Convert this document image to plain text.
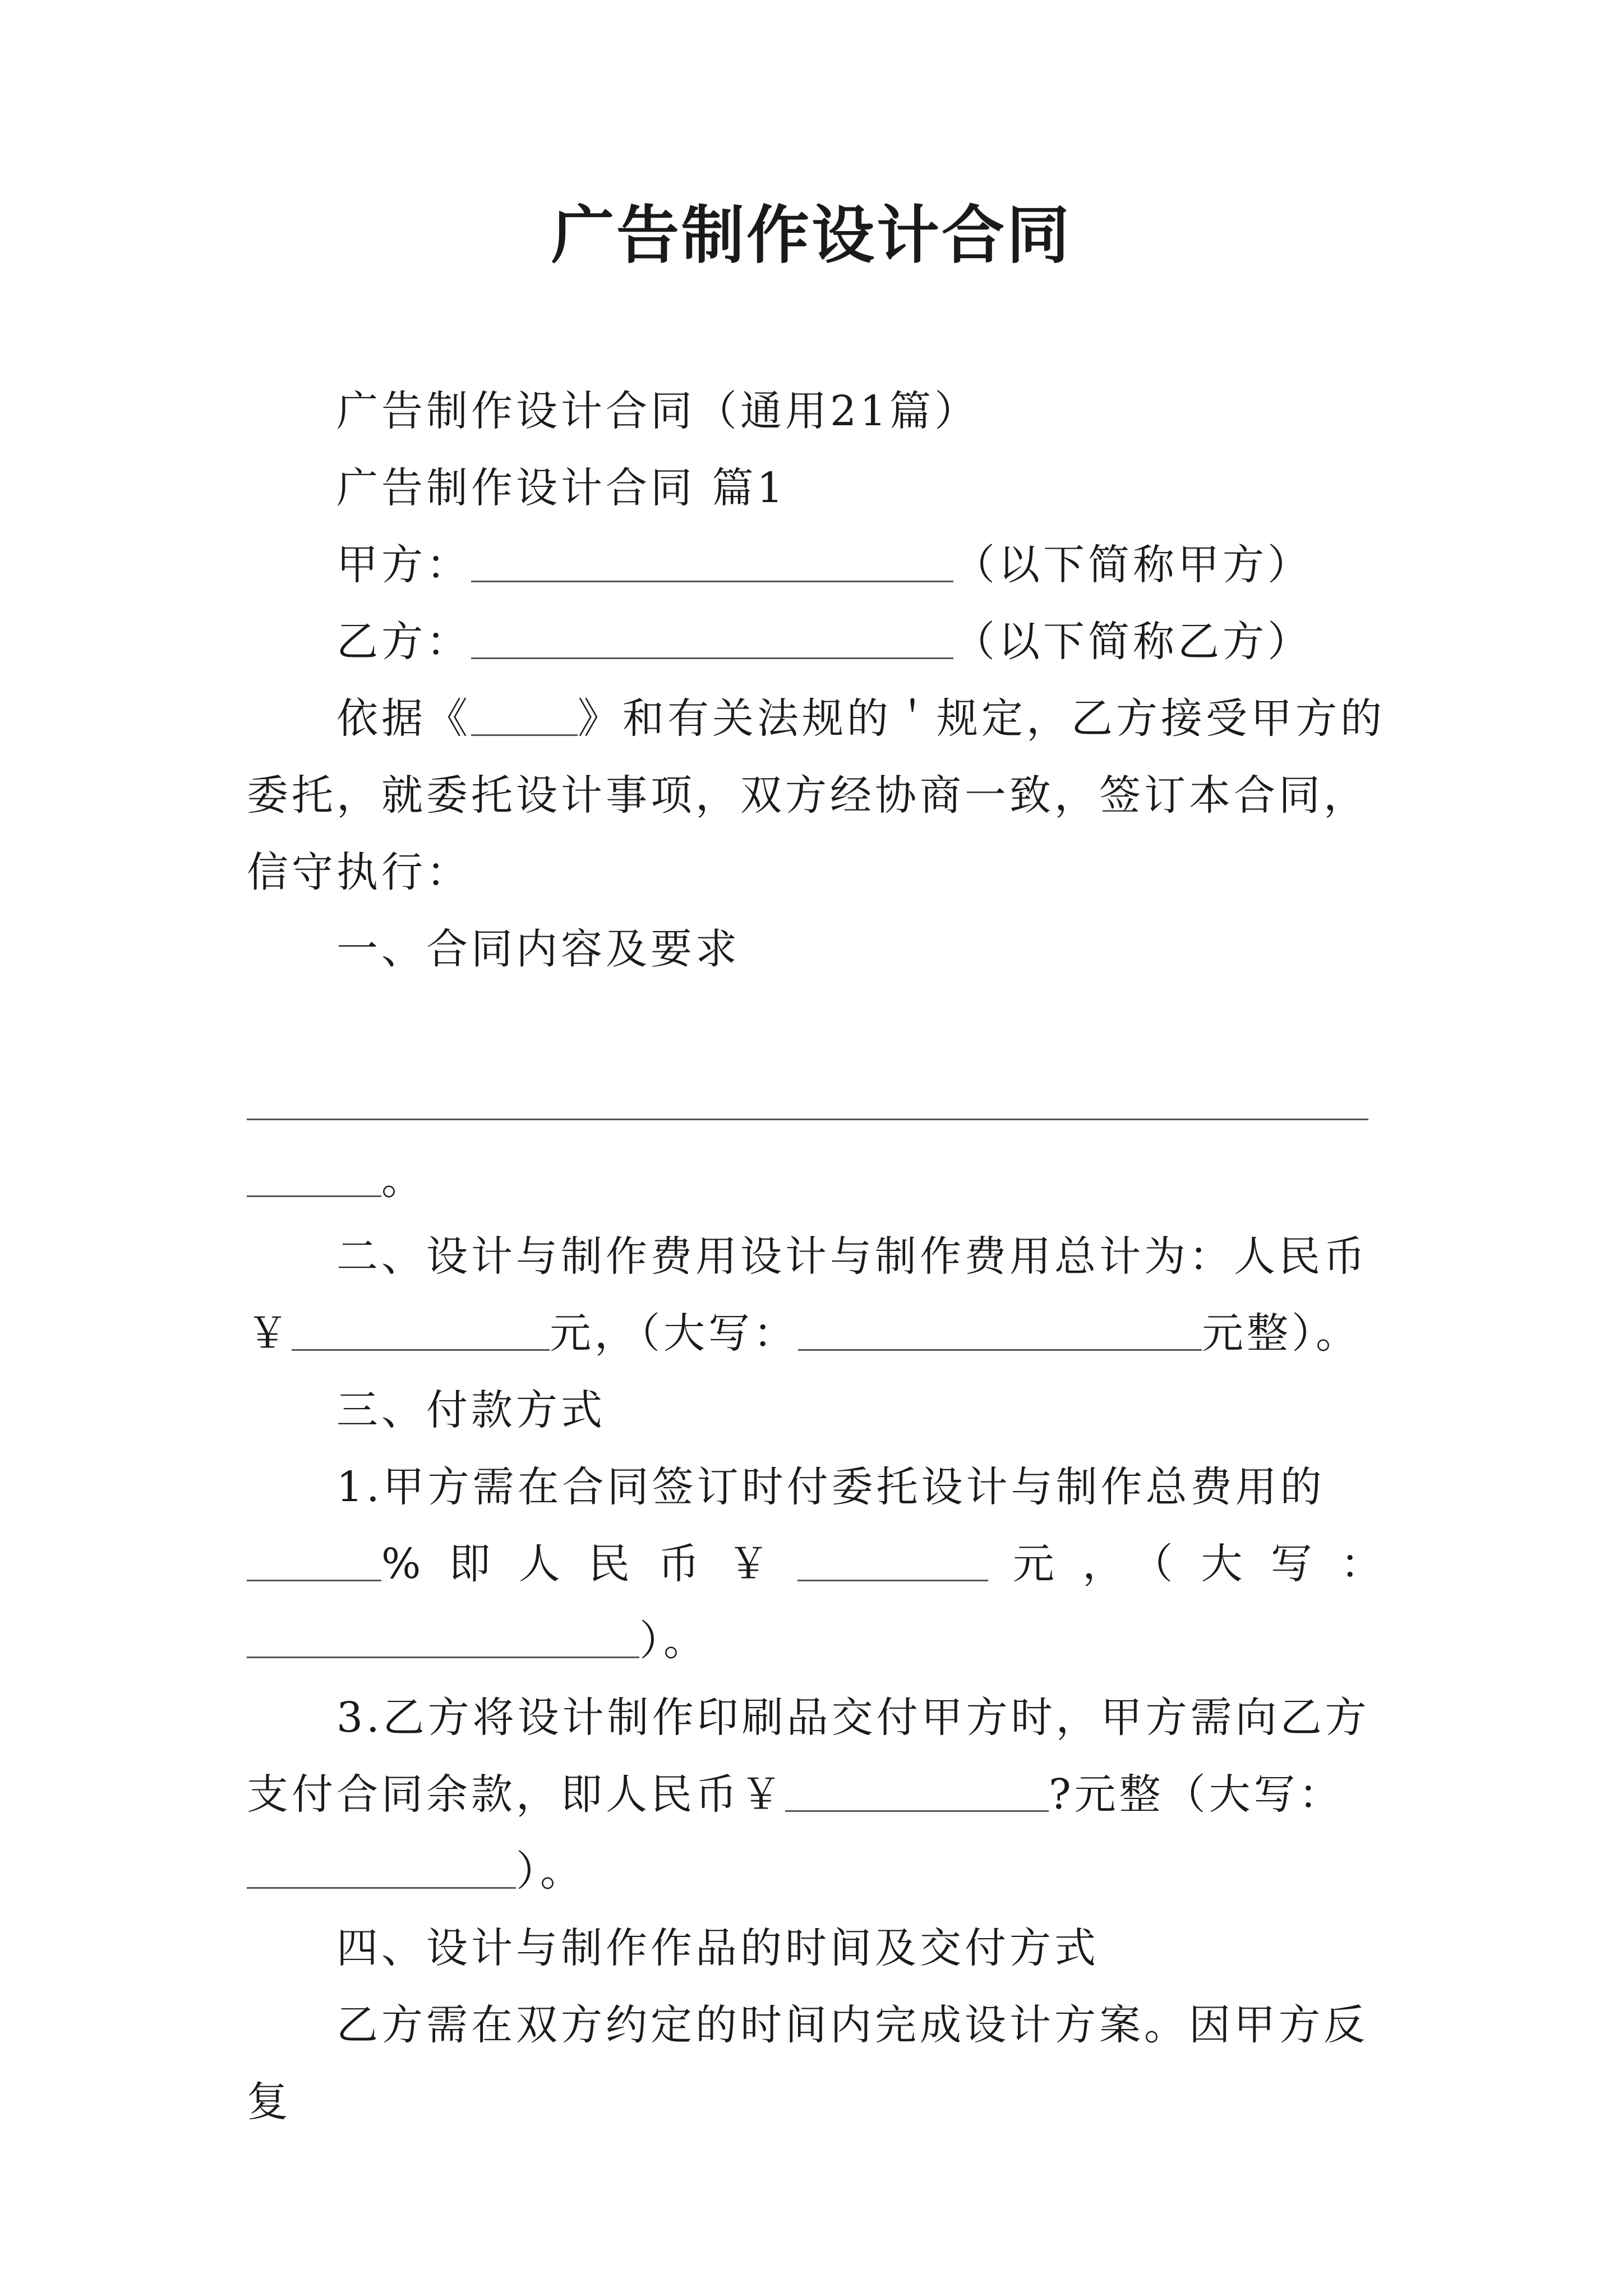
广告制作设计合同

广告制作设计合同（通用21篇）

广告制作设计合同 篇1

甲方：	（以下简称甲方）

乙方：	（以下简称乙方）

依据《	》和有关法规的＇规定，乙方接受甲方的委托，就委托设计事项，双方经协商一致，签订本合同，信守执行：

一、合同内容及要求

。

二、设计与制作费用设计与制作费用总计为：人民币￥	元，（大写：	元整）。

三、付款方式

1.甲方需在合同签订时付委托设计与制作总费用的

%即人民币￥	元，（大写：

）。

3.乙方将设计制作印刷品交付甲方时，甲方需向乙方支付合同余款，即人民币￥	?元整（大写：）。

四、设计与制作作品的时间及交付方式

乙方需在双方约定的时间内完成设计方案。因甲方反复
